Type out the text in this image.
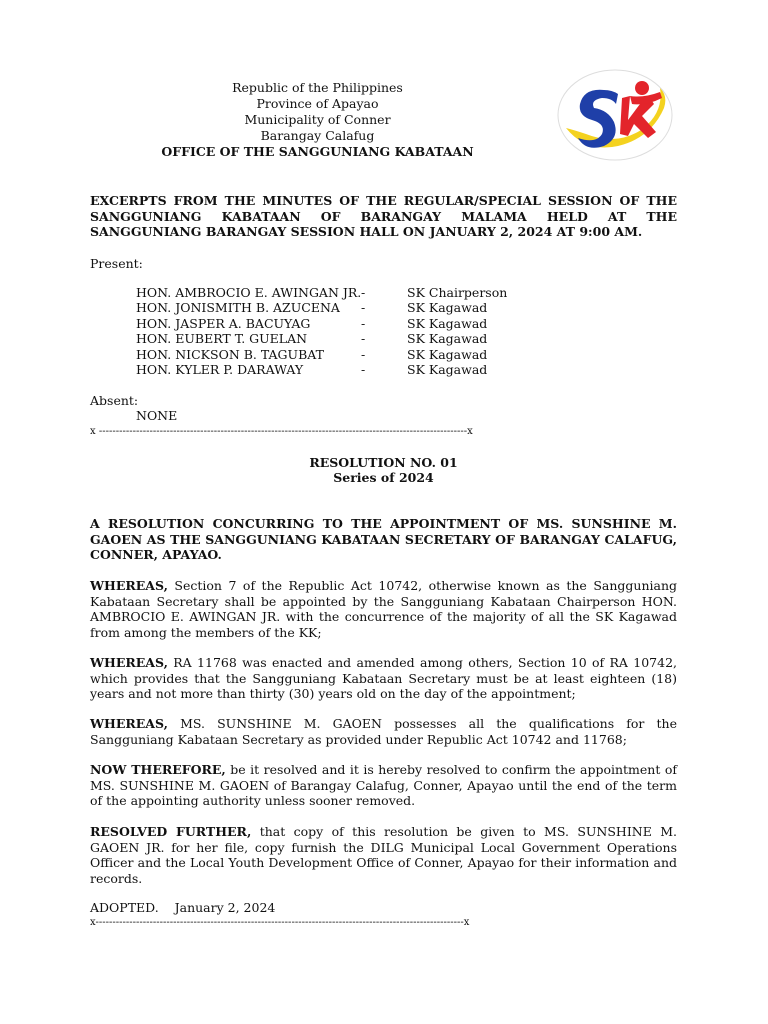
Republic of the Philippines
Province of Apayao
Municipality of Conner
Barangay Calafug
OFFICE OF THE SANGGUNIANG KABATAAN
EXCERPTS FROM THE MINUTES OF THE REGULAR/SPECIAL SESSION OF THE SANGGUNIANG KABATAAN OF BARANGAY MALAMA HELD AT THE SANGGUNIANG BARANGAY SESSION HALL ON JANUARY 2, 2024 AT 9:00 AM.
Present:
HON. AMBROCIO E. AWINGAN JR. -	SK Chairperson
HON. JONISMITH B. AZUCENA	-	SK Kagawad
HON. JASPER A. BACUYAG	-	SK Kagawad
HON. EUBERT T. GUELAN	-	SK Kagawad
HON. NICKSON B. TAGUBAT	-	SK Kagawad
HON. KYLER P. DARAWAY	-	SK Kagawad
Absent:
NONE
x -------------------------------------------------------------------------------------------------------------x
RESOLUTION NO. 01
Series of 2024
A RESOLUTION CONCURRING TO THE APPOINTMENT OF MS. SUNSHINE M. GAOEN AS THE SANGGUNIANG KABATAAN SECRETARY OF BARANGAY CALAFUG, CONNER, APAYAO.
WHEREAS, Section 7 of the Republic Act 10742, otherwise known as the Sangguniang Kabataan Secretary shall be appointed by the Sangguniang Kabataan Chairperson HON. AMBROCIO E. AWINGAN JR. with the concurrence of the majority of all the SK Kagawad from among the members of the KK;
WHEREAS, RA 11768 was enacted and amended among others, Section 10 of RA 10742, which provides that the Sangguniang Kabataan Secretary must be at least eighteen (18) years and not more than thirty (30) years old on the day of the appointment;
WHEREAS, MS. SUNSHINE M. GAOEN possesses all the qualifications for the Sangguniang Kabataan Secretary as provided under Republic Act 10742 and 11768;
NOW THEREFORE, be it resolved and it is hereby resolved to confirm the appointment of MS. SUNSHINE M. GAOEN of Barangay Calafug, Conner, Apayao until the end of the term of the appointing authority unless sooner removed.
RESOLVED FURTHER, that copy of this resolution be given to MS. SUNSHINE M. GAOEN JR. for her file, copy furnish the DILG Municipal Local Government Operations Officer and the Local Youth Development Office of Conner, Apayao for their information and records.
ADOPTED.    January 2, 2024
x-------------------------------------------------------------------------------------------------------------x
